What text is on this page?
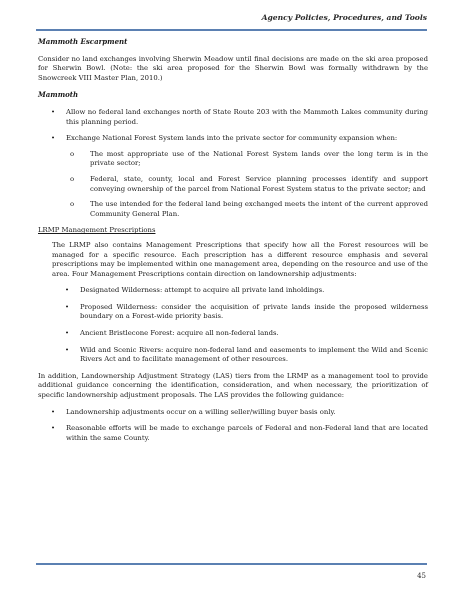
Agency Policies, Procedures, and Tools
Mammoth Escarpment

Consider no land exchanges involving Sherwin Meadow until final decisions are made on the ski area proposed for Sherwin Bowl. (Note: the ski area proposed for the Sherwin Bowl was formally withdrawn by the Snowcreek VIII Master Plan, 2010.)

Mammoth
• Allow no federal land exchanges north of State Route 203 with the Mammoth Lakes community during this planning period.
• Exchange National Forest System lands into the private sector for community expansion when:
o The most appropriate use of the National Forest System lands over the long term is in the private sector;
o Federal, state, county, local and Forest Service planning processes identify and support conveying ownership of the parcel from National Forest System status to the private sector; and
o The use intended for the federal land being exchanged meets the intent of the current approved Community General Plan.
LRMP Management Prescriptions

The LRMP also contains Management Prescriptions that specify how all the Forest resources will be managed for a specific resource. Each prescription has a different resource emphasis and several prescriptions may be implemented within one management area, depending on the resource and use of the area. Four Management Prescriptions contain direction on landownership adjustments:

• Designated Wilderness: attempt to acquire all private land inholdings.
• Proposed Wilderness: consider the acquisition of private lands inside the proposed wilderness boundary on a Forest-wide priority basis.
• Ancient Bristlecone Forest: acquire all non-federal lands.
• Wild and Scenic Rivers: acquire non-federal land and easements to implement the Wild and Scenic Rivers Act and to facilitate management of other resources.

In addition, Landownership Adjustment Strategy (LAS) tiers from the LRMP as a management tool to provide additional guidance concerning the identification, consideration, and when necessary, the prioritization of specific landownership adjustment proposals. The LAS provides the following guidance:

• Landownership adjustments occur on a willing seller/willing buyer basis only.
• Reasonable efforts will be made to exchange parcels of Federal and non-Federal land that are located within the same County.
45
